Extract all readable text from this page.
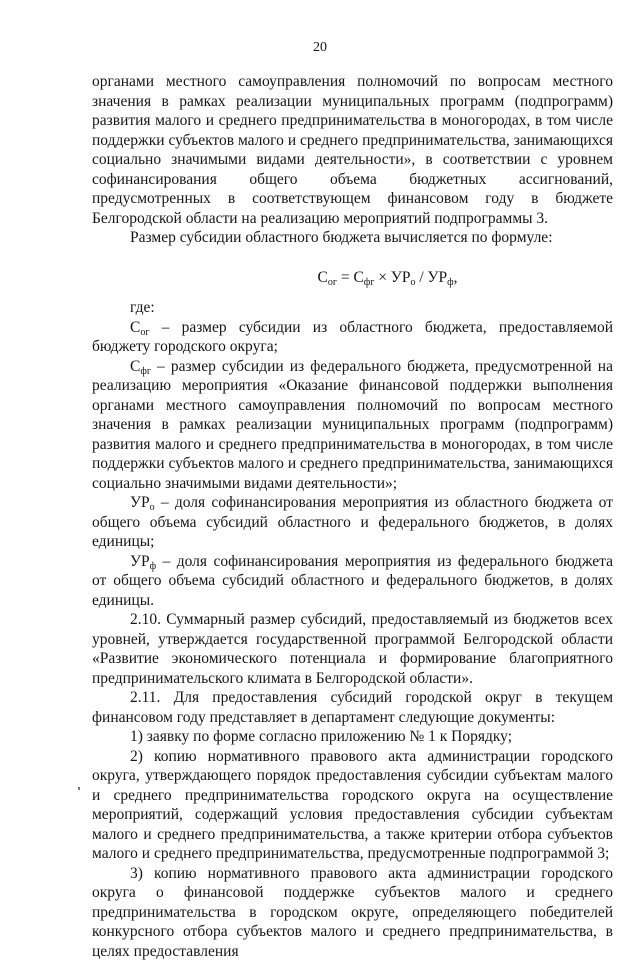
20

органами местного самоуправления полномочий по вопросам местного значения в рамках реализации муниципальных программ (подпрограмм) развития малого и среднего предпринимательства в моногородах, в том числе поддержки субъектов малого и среднего предпринимательства, занимающихся социально значимыми видами деятельности», в соответствии с уровнем софинансирования общего объема бюджетных ассигнований, предусмотренных в соответствующем финансовом году в бюджете Белгородской области на реализацию мероприятий подпрограммы 3.

Размер субсидии областного бюджета вычисляется по формуле:

$С_{ог} = С_{фг} \times УР_о / УР_ф$,

где:

$С_{ог}$ – размер субсидии из областного бюджета, предоставляемой бюджету городского округа;

$С_{фг}$ – размер субсидии из федерального бюджета, предусмотренной на реализацию мероприятия «Оказание финансовой поддержки выполнения органами местного самоуправления полномочий по вопросам местного значения в рамках реализации муниципальных программ (подпрограмм) развития малого и среднего предпринимательства в моногородах, в том числе поддержки субъектов малого и среднего предпринимательства, занимающихся социально значимыми видами деятельности»;

$УР_о$ – доля софинансирования мероприятия из областного бюджета от общего объема субсидий областного и федерального бюджетов, в долях единицы;

$УР_ф$ – доля софинансирования мероприятия из федерального бюджета от общего объема субсидий областного и федерального бюджетов, в долях единицы.

2.10. Суммарный размер субсидий, предоставляемый из бюджетов всех уровней, утверждается государственной программой Белгородской области «Развитие экономического потенциала и формирование благоприятного предпринимательского климата в Белгородской области».

2.11. Для предоставления субсидий городской округ в текущем финансовом году представляет в департамент следующие документы:

1) заявку по форме согласно приложению № 1 к Порядку;

2) копию нормативного правового акта администрации городского округа, утверждающего порядок предоставления субсидии субъектам малого и среднего предпринимательства городского округа на осуществление мероприятий, содержащий условия предоставления субсидии субъектам малого и среднего предпринимательства, а также критерии отбора субъектов малого и среднего предпринимательства, предусмотренные подпрограммой 3;

3) копию нормативного правового акта администрации городского округа о финансовой поддержке субъектов малого и среднего предпринимательства в городском округе, определяющего победителей конкурсного отбора субъектов малого и среднего предпринимательства, в целях предоставления
